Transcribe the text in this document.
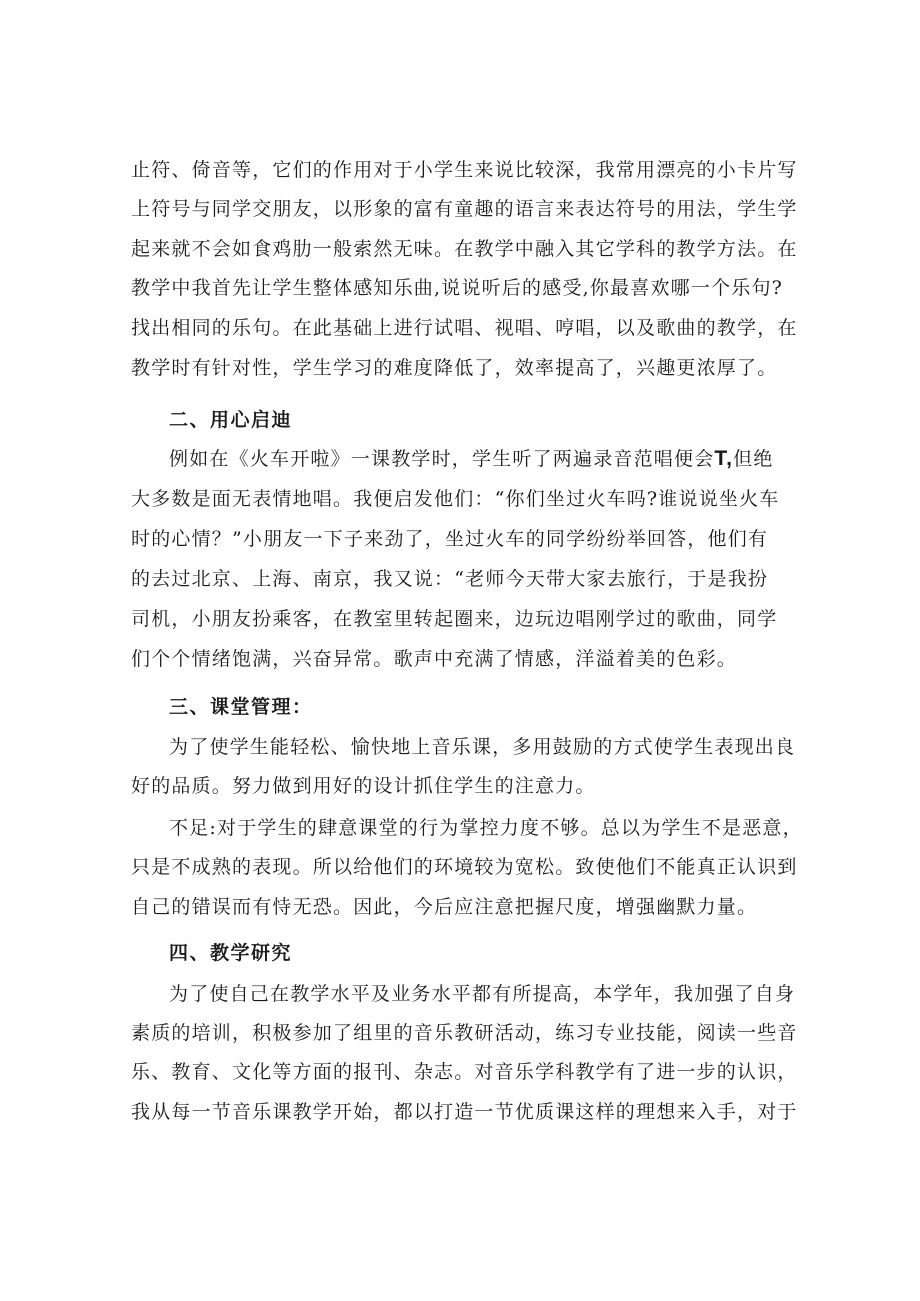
止符、倚音等，它们的作用对于小学生来说比较深，我常用漂亮的小卡片写
上符号与同学交朋友，以形象的富有童趣的语言来表达符号的用法，学生学
起来就不会如食鸡肋一般索然无味。在教学中融入其它学科的教学方法。在
教学中我首先让学生整体感知乐曲,说说听后的感受,你最喜欢哪一个乐句?
找出相同的乐句。在此基础上进行试唱、视唱、哼唱，以及歌曲的教学，在
教学时有针对性，学生学习的难度降低了，效率提高了，兴趣更浓厚了。
二、用心启迪
例如在《火车开啦》一课教学时，学生听了两遍录音范唱便会T,但绝
大多数是面无表情地唱。我便启发他们：“你们坐过火车吗?谁说说坐火车
时的心情？”小朋友一下子来劲了，坐过火车的同学纷纷举回答，他们有
的去过北京、上海、南京，我又说：“老师今天带大家去旅行，于是我扮
司机，小朋友扮乘客，在教室里转起圈来，边玩边唱刚学过的歌曲，同学
们个个情绪饱满，兴奋异常。歌声中充满了情感，洋溢着美的色彩。
三、课堂管理：
为了使学生能轻松、愉快地上音乐课，多用鼓励的方式使学生表现出良
好的品质。努力做到用好的设计抓住学生的注意力。
不足:对于学生的肆意课堂的行为掌控力度不够。总以为学生不是恶意，
只是不成熟的表现。所以给他们的环境较为宽松。致使他们不能真正认识到
自己的错误而有恃无恐。因此，今后应注意把握尺度，增强幽默力量。
四、教学研究
为了使自己在教学水平及业务水平都有所提高，本学年，我加强了自身
素质的培训，积极参加了组里的音乐教研活动，练习专业技能，阅读一些音
乐、教育、文化等方面的报刊、杂志。对音乐学科教学有了进一步的认识，
我从每一节音乐课教学开始，都以打造一节优质课这样的理想来入手，对于
